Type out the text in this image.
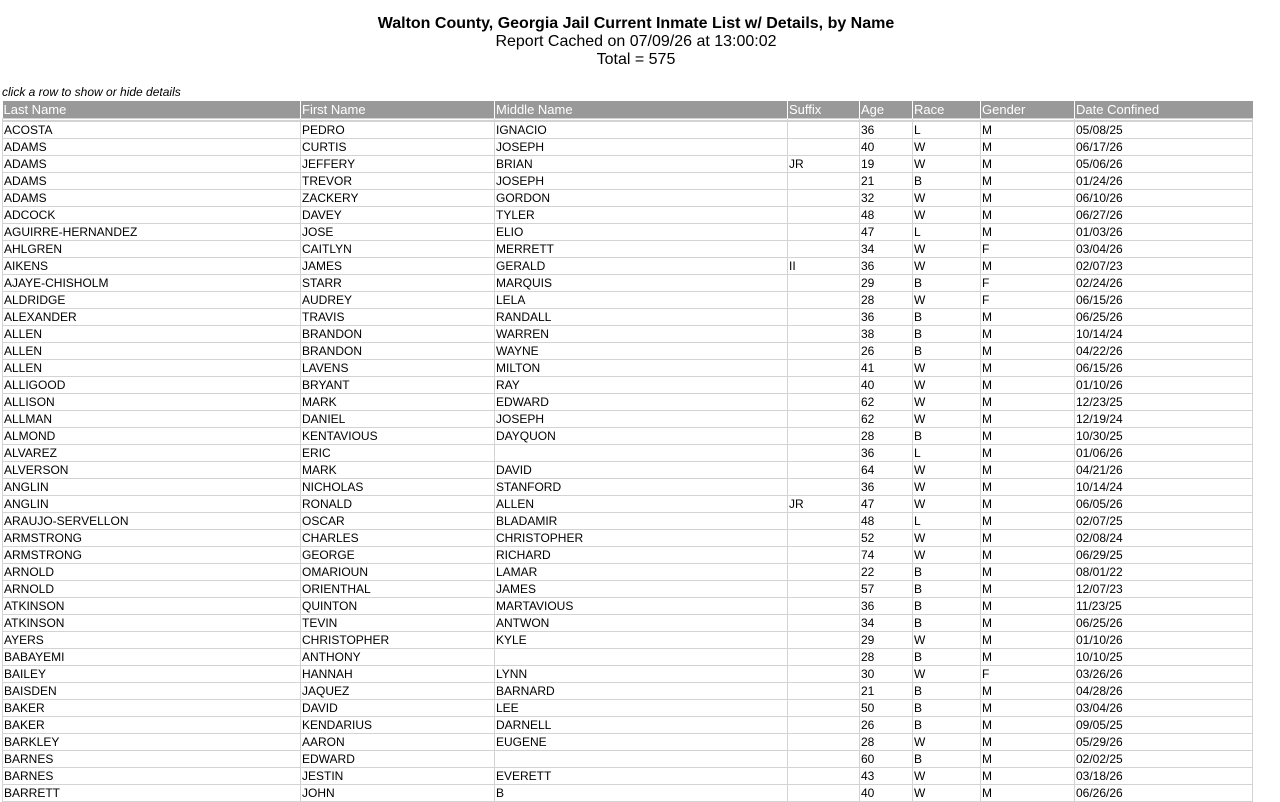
Walton County, Georgia Jail Current Inmate List w/ Details, by Name
Report Cached on 07/09/26 at 13:00:02
Total = 575
click a row to show or hide details
Last Name	First Name	Middle Name	Suffix	Age	Race	Gender	Date Confined

ACOSTA	PEDRO	IGNACIO		36	L	M	05/08/25
ADAMS	CURTIS	JOSEPH		40	W	M	06/17/26
ADAMS	JEFFERY	BRIAN	JR	19	W	M	05/06/26
ADAMS	TREVOR	JOSEPH		21	B	M	01/24/26
ADAMS	ZACKERY	GORDON		32	W	M	06/10/26
ADCOCK	DAVEY	TYLER		48	W	M	06/27/26
AGUIRRE-HERNANDEZ	JOSE	ELIO		47	L	M	01/03/26
AHLGREN	CAITLYN	MERRETT		34	W	F	03/04/26
AIKENS	JAMES	GERALD	II	36	W	M	02/07/23
AJAYE-CHISHOLM	STARR	MARQUIS		29	B	F	02/24/26
ALDRIDGE	AUDREY	LELA		28	W	F	06/15/26
ALEXANDER	TRAVIS	RANDALL		36	B	M	06/25/26
ALLEN	BRANDON	WARREN		38	B	M	10/14/24
ALLEN	BRANDON	WAYNE		26	B	M	04/22/26
ALLEN	LAVENS	MILTON		41	W	M	06/15/26
ALLIGOOD	BRYANT	RAY		40	W	M	01/10/26
ALLISON	MARK	EDWARD		62	W	M	12/23/25
ALLMAN	DANIEL	JOSEPH		62	W	M	12/19/24
ALMOND	KENTAVIOUS	DAYQUON		28	B	M	10/30/25
ALVAREZ	ERIC			36	L	M	01/06/26
ALVERSON	MARK	DAVID		64	W	M	04/21/26
ANGLIN	NICHOLAS	STANFORD		36	W	M	10/14/24
ANGLIN	RONALD	ALLEN	JR	47	W	M	06/05/26
ARAUJO-SERVELLON	OSCAR	BLADAMIR		48	L	M	02/07/25
ARMSTRONG	CHARLES	CHRISTOPHER		52	W	M	02/08/24
ARMSTRONG	GEORGE	RICHARD		74	W	M	06/29/25
ARNOLD	OMARIOUN	LAMAR		22	B	M	08/01/22
ARNOLD	ORIENTHAL	JAMES		57	B	M	12/07/23
ATKINSON	QUINTON	MARTAVIOUS		36	B	M	11/23/25
ATKINSON	TEVIN	ANTWON		34	B	M	06/25/26
AYERS	CHRISTOPHER	KYLE		29	W	M	01/10/26
BABAYEMI	ANTHONY			28	B	M	10/10/25
BAILEY	HANNAH	LYNN		30	W	F	03/26/26
BAISDEN	JAQUEZ	BARNARD		21	B	M	04/28/26
BAKER	DAVID	LEE		50	B	M	03/04/26
BAKER	KENDARIUS	DARNELL		26	B	M	09/05/25
BARKLEY	AARON	EUGENE		28	W	M	05/29/26
BARNES	EDWARD			60	B	M	02/02/25
BARNES	JESTIN	EVERETT		43	W	M	03/18/26
BARRETT	JOHN	B		40	W	M	06/26/26
